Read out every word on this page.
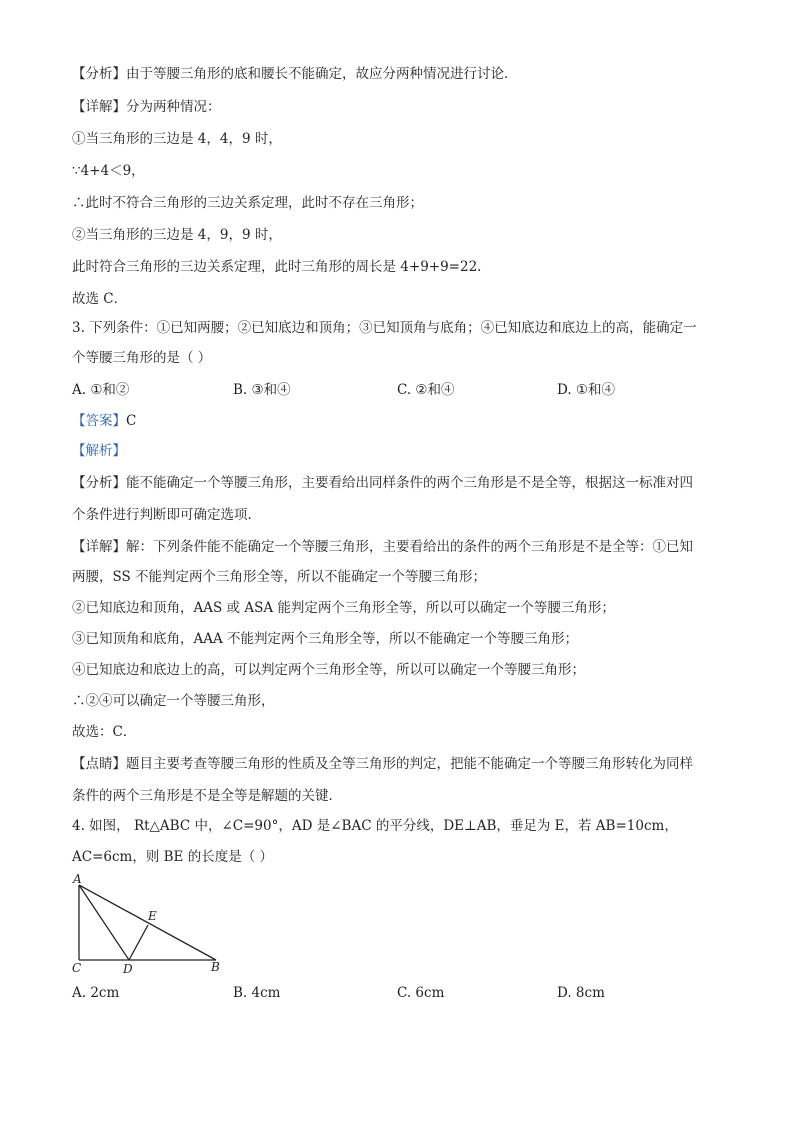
【分析】由于等腰三角形的底和腰长不能确定，故应分两种情况进行讨论．
【详解】分为两种情况：
①当三角形的三边是 4，4，9 时，
∵4+4＜9，
∴此时不符合三角形的三边关系定理，此时不存在三角形；
②当三角形的三边是 4，9，9 时，
此时符合三角形的三边关系定理，此时三角形的周长是 4+9+9=22.
故选 C．
3. 下列条件：①已知两腰；②已知底边和顶角；③已知顶角与底角；④已知底边和底边上的高，能确定一
个等腰三角形的是（ ）
A. ①和②	B. ③和④	C. ②和④	D. ①和④
【答案】C
【解析】
【分析】能不能确定一个等腰三角形，主要看给出同样条件的两个三角形是不是全等，根据这一标准对四
个条件进行判断即可确定选项．
【详解】解：下列条件能不能确定一个等腰三角形，主要看给出的条件的两个三角形是不是全等：①已知
两腰，SS 不能判定两个三角形全等，所以不能确定一个等腰三角形；
②已知底边和顶角，AAS 或 ASA 能判定两个三角形全等，所以可以确定一个等腰三角形；
③已知顶角和底角，AAA 不能判定两个三角形全等，所以不能确定一个等腰三角形；
④已知底边和底边上的高，可以判定两个三角形全等，所以可以确定一个等腰三角形；
∴②④可以确定一个等腰三角形，
故选：C．
【点睛】题目主要考查等腰三角形的性质及全等三角形的判定，把能不能确定一个等腰三角形转化为同样
条件的两个三角形是不是全等是解题的关键．
4. 如图， Rt△ABC 中，∠C=90°，AD 是∠BAC 的平分线，DE⊥AB，垂足为 E，若 AB=10cm，
AC=6cm，则 BE 的长度是（ ）
A
C	D	B
E
A. 2cm	B. 4cm	C. 6cm	D. 8cm
